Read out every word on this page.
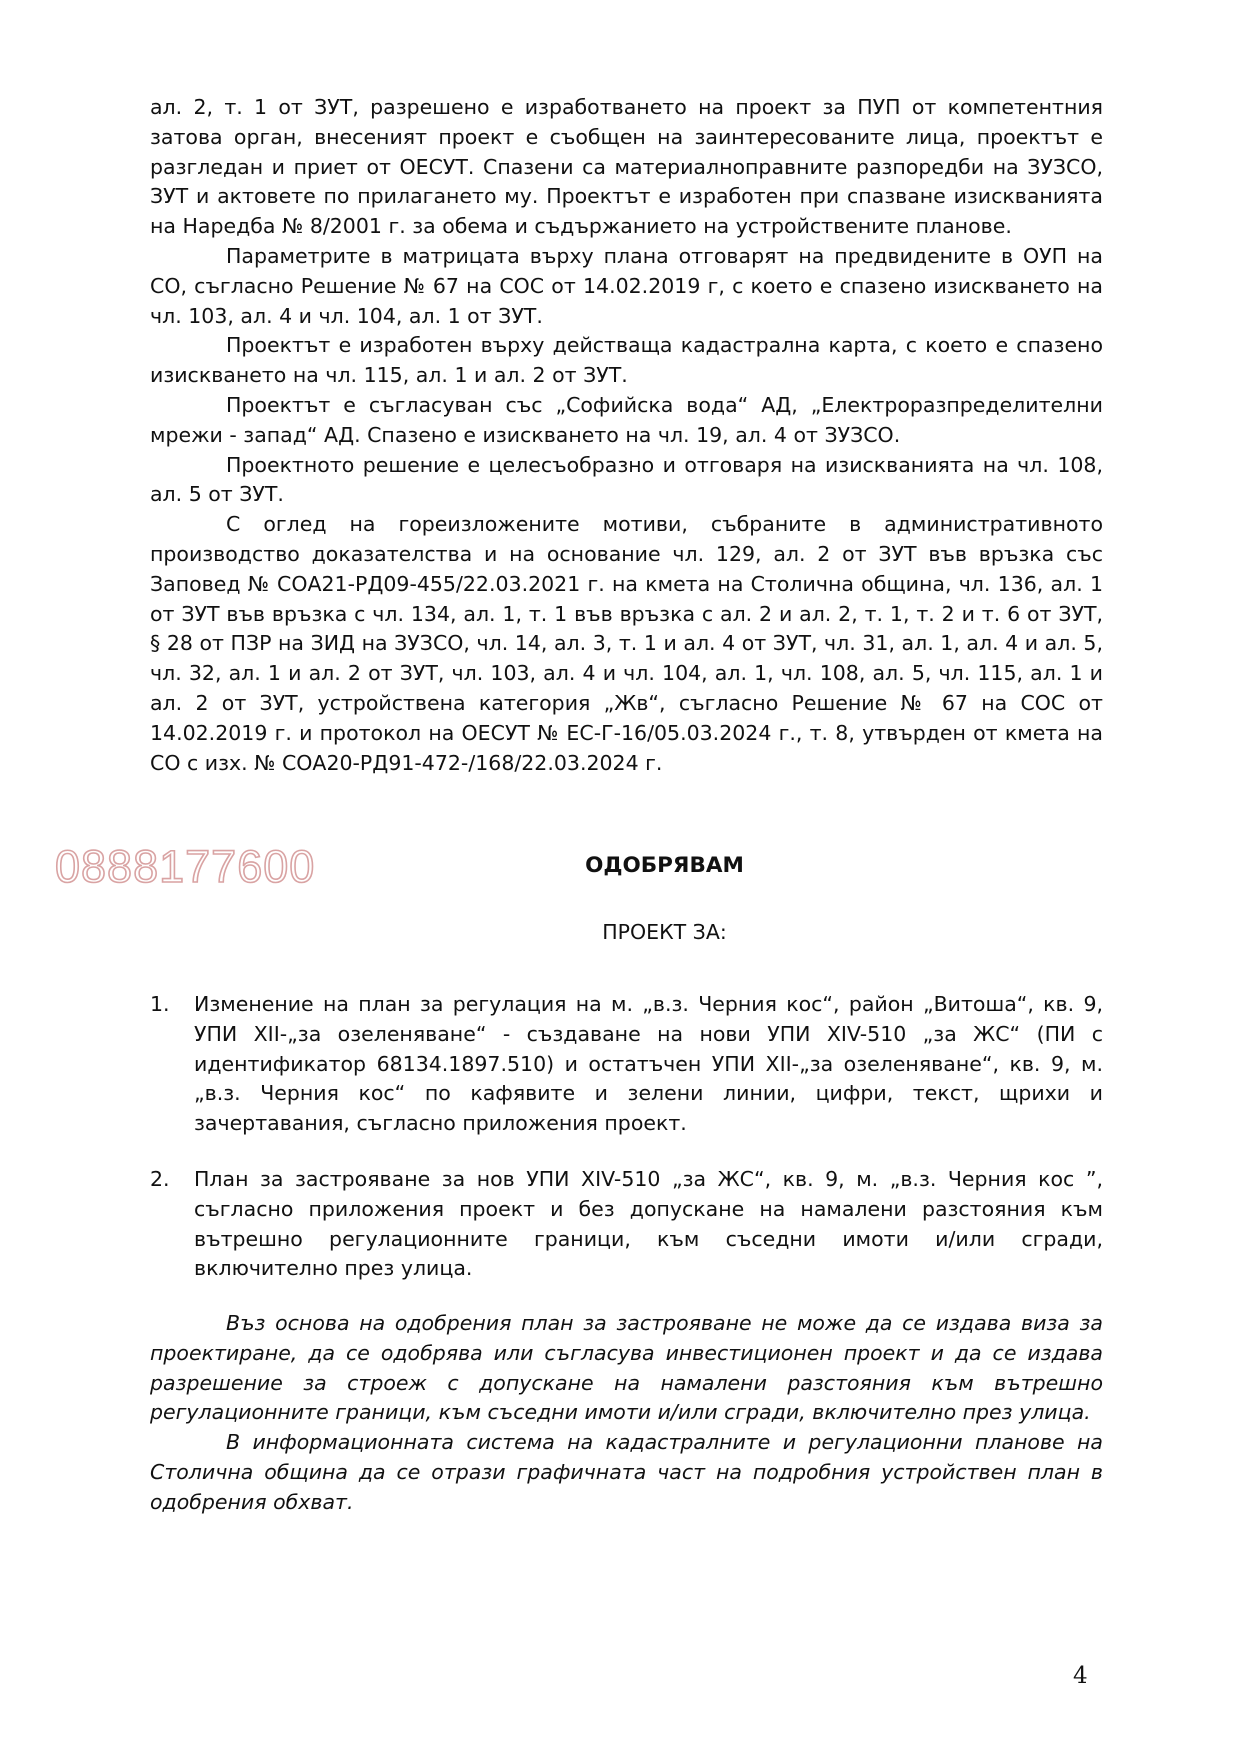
ал. 2, т. 1 от ЗУТ, разрешено е изработването на проект за ПУП от компетентния затова орган, внесеният проект е съобщен на заинтересованите лица, проектът е разгледан и приет от ОЕСУТ. Спазени са материалноправните разпоредби на ЗУЗСО, ЗУТ и актовете по прилагането му. Проектът е изработен при спазване изискванията на Наредба № 8/2001 г. за обема и съдържанието на устройствените планове.

Параметрите в матрицата върху плана отговарят на предвидените в ОУП на СО, съгласно Решение № 67 на СОС от 14.02.2019 г, с което е спазено изискването на чл. 103, ал. 4 и чл. 104, ал. 1 от ЗУТ.

Проектът е изработен върху действаща кадастрална карта, с което е спазено изискването на чл. 115, ал. 1 и ал. 2 от ЗУТ.

Проектът е съгласуван със „Софийска вода“ АД, „Електроразпределителни мрежи - запад“ АД. Спазено е изискването на чл. 19, ал. 4 от ЗУЗСО.

Проектното решение е целесъобразно и отговаря на изискванията на чл. 108, ал. 5 от ЗУТ.

С оглед на гореизложените мотиви, събраните в административното производство доказателства и на основание чл. 129, ал. 2 от ЗУТ във връзка със Заповед № СОА21-РД09-455/22.03.2021 г. на кмета на Столична община, чл. 136, ал. 1 от ЗУТ във връзка с чл. 134, ал. 1, т. 1 във връзка с ал. 2 и ал. 2, т. 1, т. 2 и т. 6 от ЗУТ, § 28 от ПЗР на ЗИД на ЗУЗСО, чл. 14, ал. 3, т. 1 и ал. 4 от ЗУТ, чл. 31, ал. 1, ал. 4 и ал. 5, чл. 32, ал. 1 и ал. 2 от ЗУТ, чл. 103, ал. 4 и чл. 104, ал. 1, чл. 108, ал. 5, чл. 115, ал. 1 и ал. 2 от ЗУТ, устройствена категория „Жв“, съгласно Решение № 67 на СОС от 14.02.2019 г. и протокол на ОЕСУТ № ЕС-Г-16/05.03.2024 г., т. 8, утвърден от кмета на СО с изх. № СОА20-РД91-472-/168/22.03.2024 г.

0888177600	ОДОБРЯВАМ
ПРОЕКТ ЗА:
1. Изменение на план за регулация на м. „в.з. Черния кос“, район „Витоша“, кв. 9, УПИ XII-„за озеленяване“ - създаване на нови УПИ XIV-510 „за ЖС“ (ПИ с идентификатор 68134.1897.510) и остатъчен УПИ XII-„за озеленяване“, кв. 9, м. „в.з. Черния кос“ по кафявите и зелени линии, цифри, текст, щрихи и зачертавания, съгласно приложения проект.
2. План за застрояване за нов УПИ XIV-510 „за ЖС“, кв. 9, м. „в.з. Черния кос ”, съгласно приложения проект и без допускане на намалени разстояния към вътрешно регулационните граници, към съседни имоти и/или сгради, включително през улица.

Въз основа на одобрения план за застрояване не може да се издава виза за проектиране, да се одобрява или съгласува инвестиционен проект и да се издава разрешение за строеж с допускане на намалени разстояния към вътрешно регулационните граници, към съседни имоти и/или сгради, включително през улица.

В информационната система на кадастралните и регулационни планове на Столична община да се отрази графичната част на подробния устройствен план в одобрения обхват.

4
